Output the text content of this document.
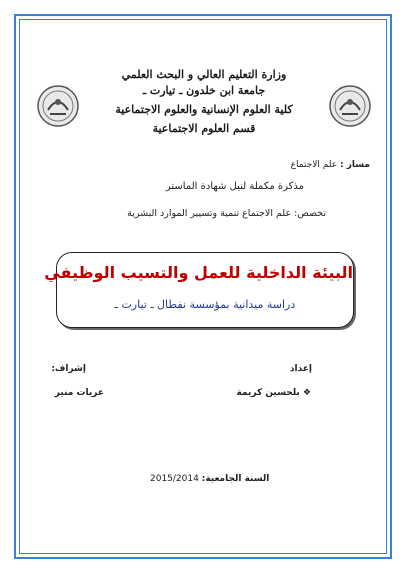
وزارة التعليم العالي و البحث العلمي
جامعة ابن خلدون ـ تيارت ـ
كلية العلوم الإنسانية والعلوم الاجتماعية
قسم العلوم الاجتماعية
مسار : علم الاجتماع
مذكرة مكملة لنيل شهادة الماستر
تخصص: علم الاجتماع تنمية وتسيير الموارد البشرية
البيئة الداخلية للعمل والتسيب الوظيفي
دراسة ميدانية بمؤسسة نفطال ـ تيارت ـ
إعداد
إشراف:
❖ بلحسين كريمة
عريات منير
2015/2014 السنة الجامعية:
